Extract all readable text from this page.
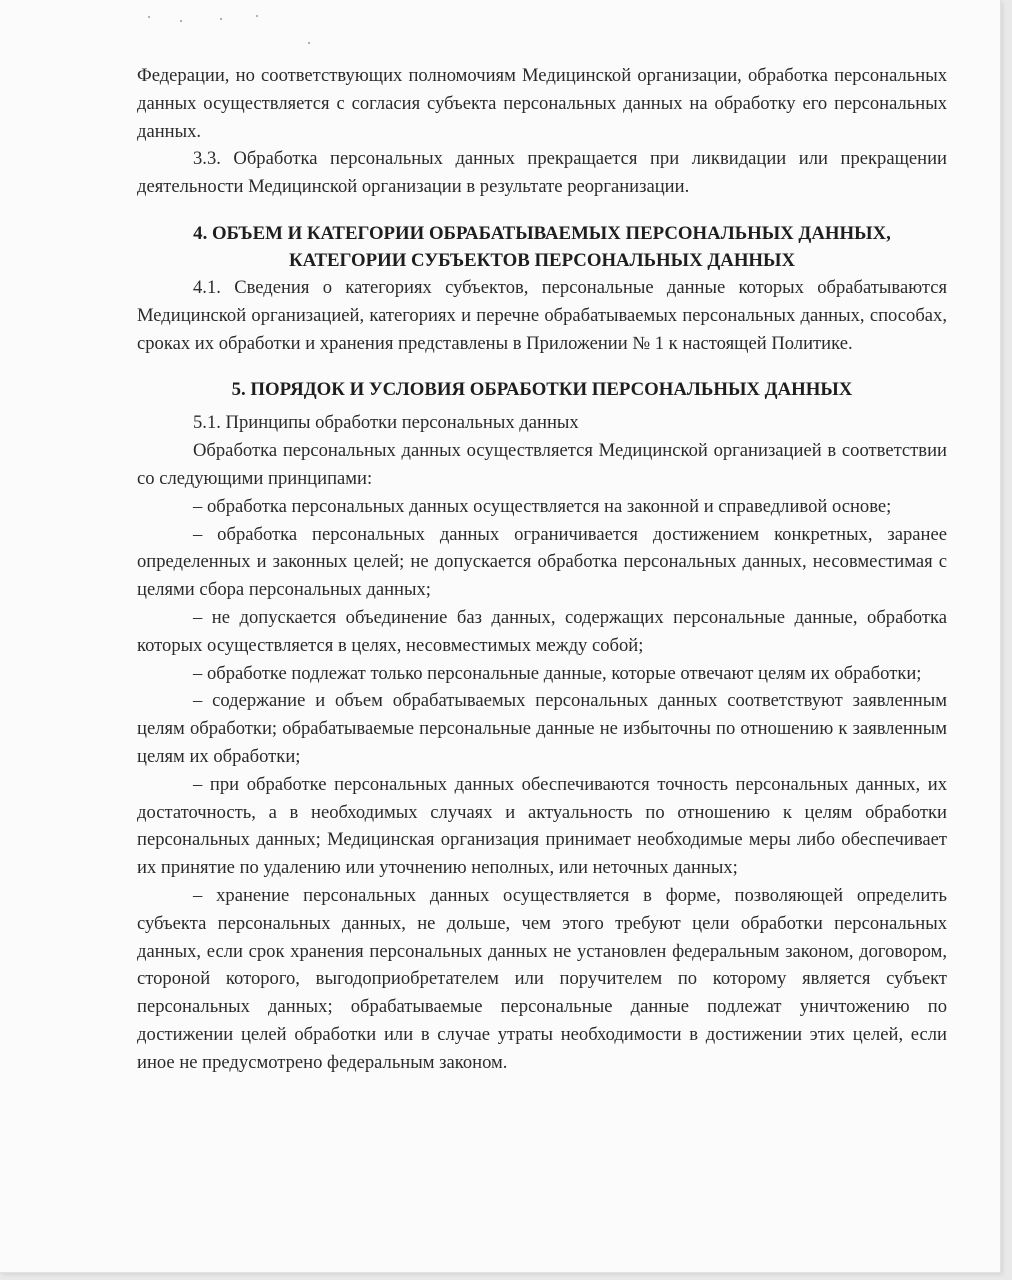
Федерации, но соответствующих полномочиям Медицинской организации, обработка персональных данных осуществляется с согласия субъекта персональных данных на обработку его персональных данных.

3.3. Обработка персональных данных прекращается при ликвидации или прекращении деятельности Медицинской организации в результате реорганизации.

4. ОБЪЕМ И КАТЕГОРИИ ОБРАБАТЫВАЕМЫХ ПЕРСОНАЛЬНЫХ ДАННЫХ,
КАТЕГОРИИ СУБЪЕКТОВ ПЕРСОНАЛЬНЫХ ДАННЫХ

4.1. Сведения о категориях субъектов, персональные данные которых обрабатываются Медицинской организацией, категориях и перечне обрабатываемых персональных данных, способах, сроках их обработки и хранения представлены в Приложении № 1 к настоящей Политике.

5. ПОРЯДОК И УСЛОВИЯ ОБРАБОТКИ ПЕРСОНАЛЬНЫХ ДАННЫХ

5.1. Принципы обработки персональных данных

Обработка персональных данных осуществляется Медицинской организацией в соответствии со следующими принципами:

– обработка персональных данных осуществляется на законной и справедливой основе;

– обработка персональных данных ограничивается достижением конкретных, заранее определенных и законных целей; не допускается обработка персональных данных, несовместимая с целями сбора персональных данных;

– не допускается объединение баз данных, содержащих персональные данные, обработка которых осуществляется в целях, несовместимых между собой;

– обработке подлежат только персональные данные, которые отвечают целям их обработки;

– содержание и объем обрабатываемых персональных данных соответствуют заявленным целям обработки; обрабатываемые персональные данные не избыточны по отношению к заявленным целям их обработки;

– при обработке персональных данных обеспечиваются точность персональных данных, их достаточность, а в необходимых случаях и актуальность по отношению к целям обработки персональных данных; Медицинская организация принимает необходимые меры либо обеспечивает их принятие по удалению или уточнению неполных, или неточных данных;

– хранение персональных данных осуществляется в форме, позволяющей определить субъекта персональных данных, не дольше, чем этого требуют цели обработки персональных данных, если срок хранения персональных данных не установлен федеральным законом, договором, стороной которого, выгодоприобретателем или поручителем по которому является субъект персональных данных; обрабатываемые персональные данные подлежат уничтожению по достижении целей обработки или в случае утраты необходимости в достижении этих целей, если иное не предусмотрено федеральным законом.
